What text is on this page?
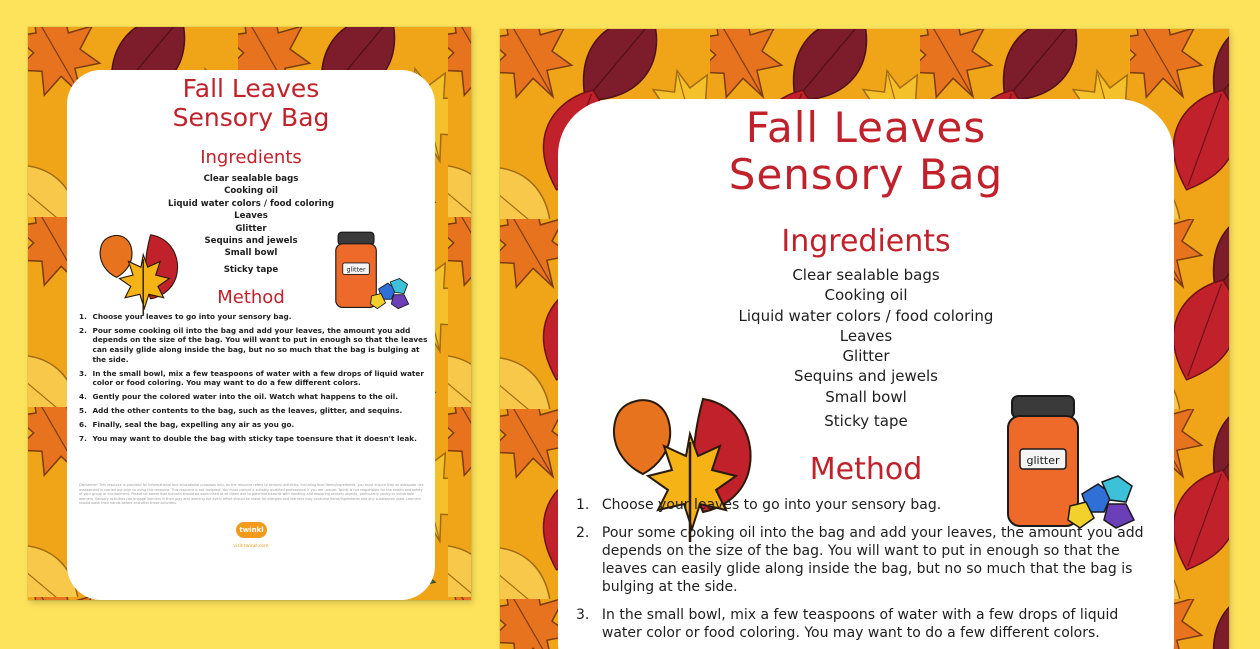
Fall Leaves
Sensory Bag
Ingredients
Clear sealable bags
Cooking oil
Liquid water colors / food coloring
Leaves
Glitter
Sequins and jewels
Small bowl
Sticky tape	glitter
Method
1. Choose your leaves to go into your sensory bag.
2. Pour some cooking oil into the bag and add your leaves, the amount you add depends on the size of the bag. You will want to put in enough so that the leaves can easily glide along inside the bag, but no so much that the bag is bulging at the side.
3. In the small bowl, mix a few teaspoons of water with a few drops of liquid water color or food coloring. You may want to do a few different colors.
4. Gently pour the colored water into the oil. Watch what happens to the oil.
5. Add the other contents to the bag, such as the leaves, glitter, and sequins.
6. Finally, seal the bag, expelling any air as you go.
7. You may want to double the bag with sticky tape toensure that it doesn't leak.
Disclaimer: This resource is provided for informational and educational purposes only. As the resource refers to sensory activities, including food items/ingredients, you must ensure that an adequate risk assessment is carried out prior to using this resource. This resource is not foolproof. You must consult a suitably qualified professional if you are unsure. Twinkl is not responsible for the health and safety of your group or environment. Please be aware that humans should be supervised at all times due to potential hazards with handling and exploring sensory objects, particularly young or vulnerable learners. Sensory activities can engage learners in their play and learning but every effort should be made for allergies and learners may consume items/ingredients and any substances used. Learners should wash their hands before and after these activities.
twinkl
visit twinkl.com
Fall Leaves
Sensory Bag
Ingredients
Clear sealable bags
Cooking oil
Liquid water colors / food coloring
Leaves
Glitter
Sequins and jewels
Small bowl
Sticky tape
glitter
Method
1. Choose your leaves to go into your sensory bag.
2. Pour some cooking oil into the bag and add your leaves, the amount you add depends on the size of the bag. You will want to put in enough so that the leaves can easily glide along inside the bag, but no so much that the bag is bulging at the side.
3. In the small bowl, mix a few teaspoons of water with a few drops of liquid water color or food coloring. You may want to do a few different colors.
